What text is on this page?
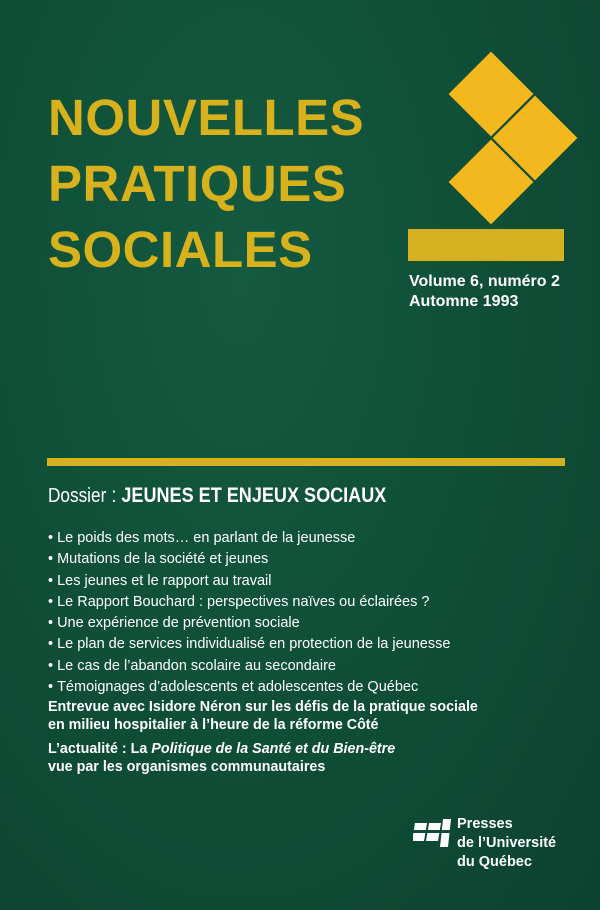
NOUVELLES
PRATIQUES
SOCIALES
Volume 6, numéro 2
Automne 1993
Dossier : JEUNES ET ENJEUX SOCIAUX
• Le poids des mots… en parlant de la jeunesse
• Mutations de la société et jeunes
• Les jeunes et le rapport au travail
• Le Rapport Bouchard : perspectives naïves ou éclairées ?
• Une expérience de prévention sociale
• Le plan de services individualisé en protection de la jeunesse
• Le cas de l’abandon scolaire au secondaire
• Témoignages d’adolescents et adolescentes de Québec
Entrevue avec Isidore Néron sur les défis de la pratique sociale
en milieu hospitalier à l’heure de la réforme Côté
L’actualité : La Politique de la Santé et du Bien-être
vue par les organismes communautaires
Presses
de l’Université
du Québec
